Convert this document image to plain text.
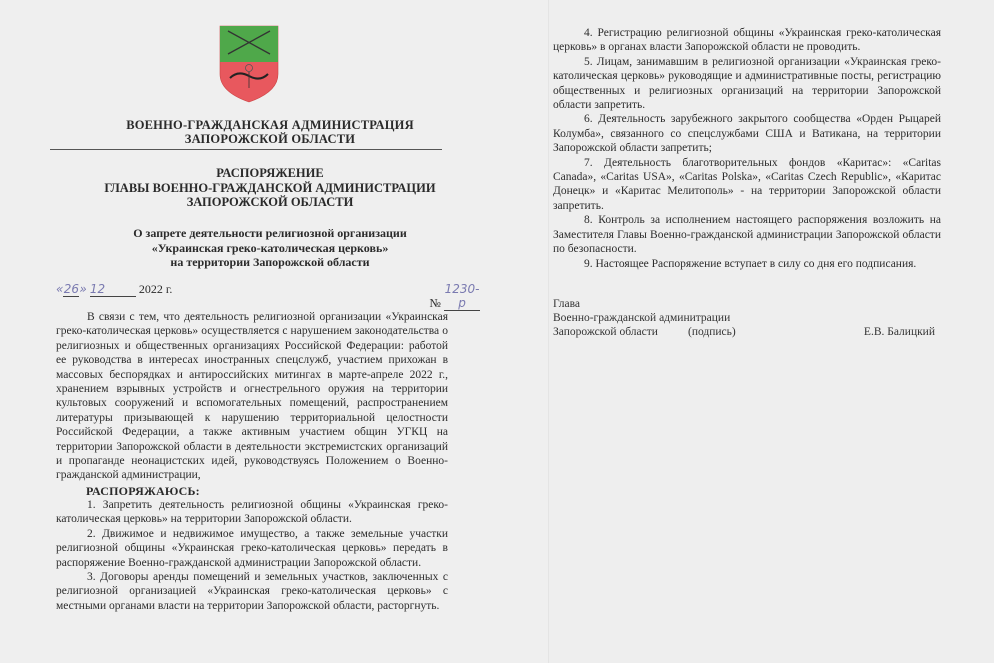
ВОЕННО-ГРАЖДАНСКАЯ АДМИНИСТРАЦИЯ
ЗАПОРОЖСКОЙ ОБЛАСТИ
РАСПОРЯЖЕНИЕ
ГЛАВЫ ВОЕННО-ГРАЖДАНСКОЙ АДМИНИСТРАЦИИ
ЗАПОРОЖСКОЙ ОБЛАСТИ
О запрете деятельности религиозной организации
«Украинская греко-католическая церковь»
на территории Запорожской области
«26» 12	2022 г.
№ 1230-р

В связи с тем, что деятельность религиозной организации «Украинская греко-католическая церковь» осуществляется с нарушением законодательства о религиозных и общественных организациях Российской Федерации: работой ее руководства в интересах иностранных спецслужб, участием прихожан в массовых беспорядках и антироссийских митингах в марте-апреле 2022 г., хранением взрывных устройств и огнестрельного оружия на территории культовых сооружений и вспомогательных помещений, распространением литературы призывающей к нарушению территориальной целостности Российской Федерации, а также активным участием общин УГКЦ на территории Запорожской области в деятельности экстремистских организаций и пропаганде неонацистских идей, руководствуясь Положением о Военно-гражданской администрации,

РАСПОРЯЖАЮСЬ:

1. Запретить деятельность религиозной общины «Украинская греко-католическая церковь» на территории Запорожской области.

2. Движимое и недвижимое имущество, а также земельные участки религиозной общины «Украинская греко-католическая церковь» передать в распоряжение Военно-гражданской администрации Запорожской области.

3. Договоры аренды помещений и земельных участков, заключенных с религиозной организацией «Украинская греко-католическая церковь» с местными органами власти на территории Запорожской области, расторгнуть.

4. Регистрацию религиозной общины «Украинская греко-католическая церковь» в органах власти Запорожской области не проводить.

5. Лицам, занимавшим в религиозной организации «Украинская греко-католическая церковь» руководящие и административные посты, регистрацию общественных и религиозных организаций на территории Запорожской области запретить.

6. Деятельность зарубежного закрытого сообщества «Орден Рыцарей Колумба», связанного со спецслужбами США и Ватикана, на территории Запорожской области запретить;

7. Деятельность благотворительных фондов «Каритас»: «Caritas Canada», «Caritas USA», «Caritas Polska», «Caritas Czech Republic», «Каритас Донецк» и «Каритас Мелитополь» - на территории Запорожской области запретить.

8. Контроль за исполнением настоящего распоряжения возложить на Заместителя Главы Военно-гражданской администрации Запорожской области по безопасности.

9. Настоящее Распоряжение вступает в силу со дня его подписания.

Глава
Военно-гражданской админитрации
Запорожской области	(подпись)	Е.В. Балицкий
